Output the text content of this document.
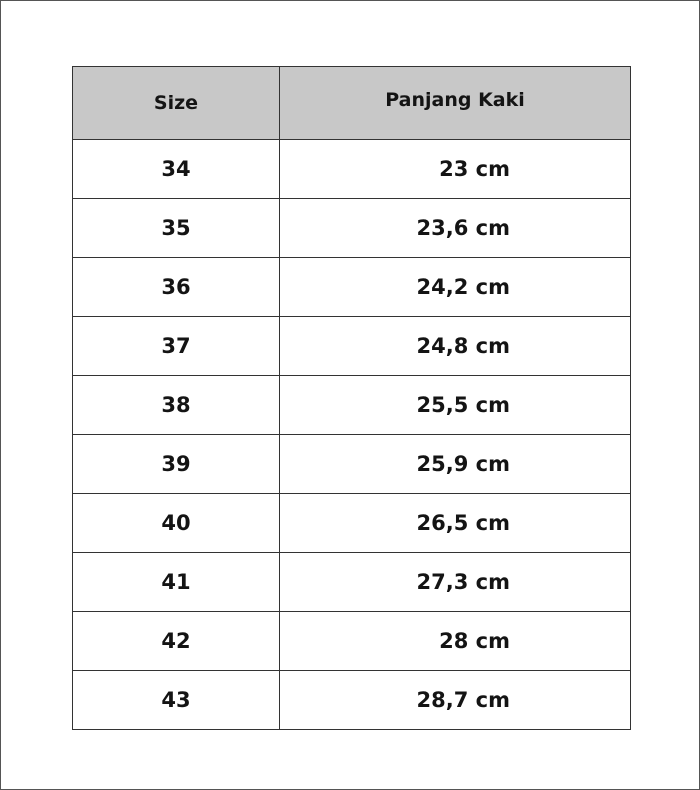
Size	Panjang Kaki
34	23 cm
35	23,6 cm
36	24,2 cm
37	24,8 cm
38	25,5 cm
39	25,9 cm
40	26,5 cm
41	27,3 cm
42	28 cm
43	28,7 cm
